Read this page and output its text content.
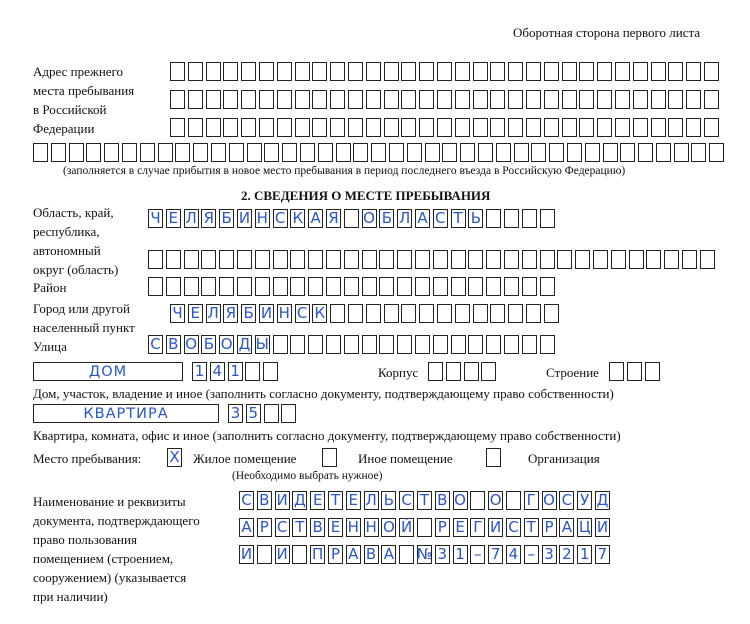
Оборотная сторона первого листа
Адрес прежнего
места пребывания
в Российской
Федерации
(заполняется в случае прибытия в новое место пребывания в период последнего въезда в Российскую Федерацию)
2. СВЕДЕНИЯ О МЕСТЕ ПРЕБЫВАНИЯ
Область, край,
республика,
автономный
округ (область)
Ч Е Л Я Б И Н С К А Я О Б Л А С Т Ь
Район
Город или другой
населенный пункт
Ч Е Л Я Б И Н С К
Улица	С В О Б О Д Ы
ДОМ	1 4 1	Корпус	Строение
Дом, участок, владение и иное (заполнить согласно документу, подтверждающему право собственности)
КВАРТИРА	3 5
Квартира, комната, офис и иное (заполнить согласно документу, подтверждающему право собственности)
Место пребывания: Х Жилое помещение	Иное помещение	Организация
(Необходимо выбрать нужное)
Наименование и реквизиты
документа, подтверждающего
право пользования
помещением (строением,
сооружением) (указывается
при наличии)
С В И Д Е Т Е Л Ь С Т В О О Г О С У Д
А Р С Т В Е Н Н О Й Р Е Г И С Т Р А Ц И
И И П Р А В А № 3 1 – 7 4 – 3 2 1 7
